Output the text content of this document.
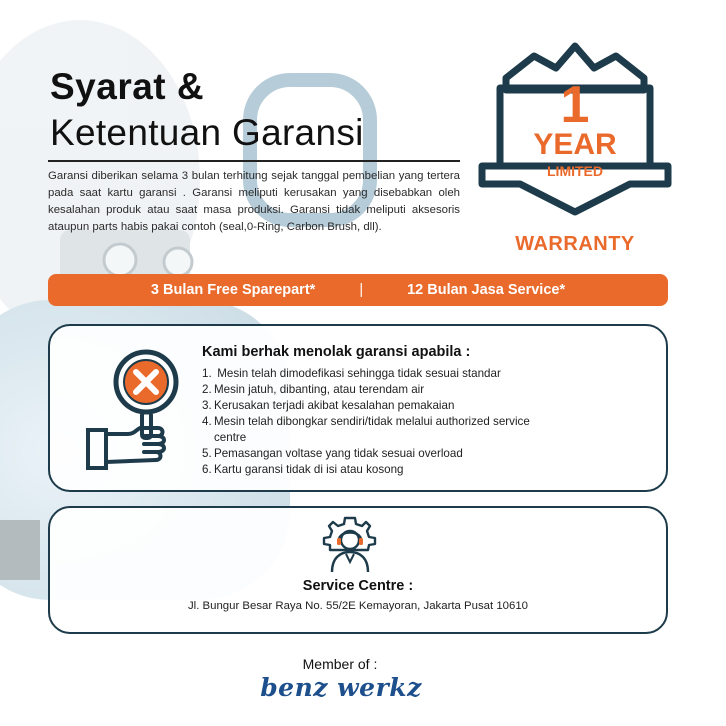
Syarat &
Ketentuan Garansi

Garansi diberikan selama 3 bulan terhitung sejak tanggal pembelian yang tertera pada saat kartu garansi . Garansi meliputi kerusakan yang disebabkan oleh kesalahan produk atau saat masa produksi. Garansi tidak meliputi aksesoris ataupun parts habis pakai contoh (seal,0-Ring, Carbon Brush, dll).

1
YEAR
LIMITED
WARRANTY
3 Bulan Free Sparepart*	|	12 Bulan Jasa Service*
Kami berhak menolak garansi apabila :
1.
Mesin telah dimodefikasi sehingga tidak sesuai standar
2. Mesin jatuh, dibanting, atau terendam air
3. Kerusakan terjadi akibat kesalahan pemakaian
4. Mesin telah dibongkar sendiri/tidak melalui authorized service centre
5. Pemasangan voltase yang tidak sesuai overload
6. Kartu garansi tidak di isi atau kosong
Service Centre :
Jl. Bungur Besar Raya No. 55/2E Kemayoran, Jakarta Pusat 10610
Member of :
benz werkz
